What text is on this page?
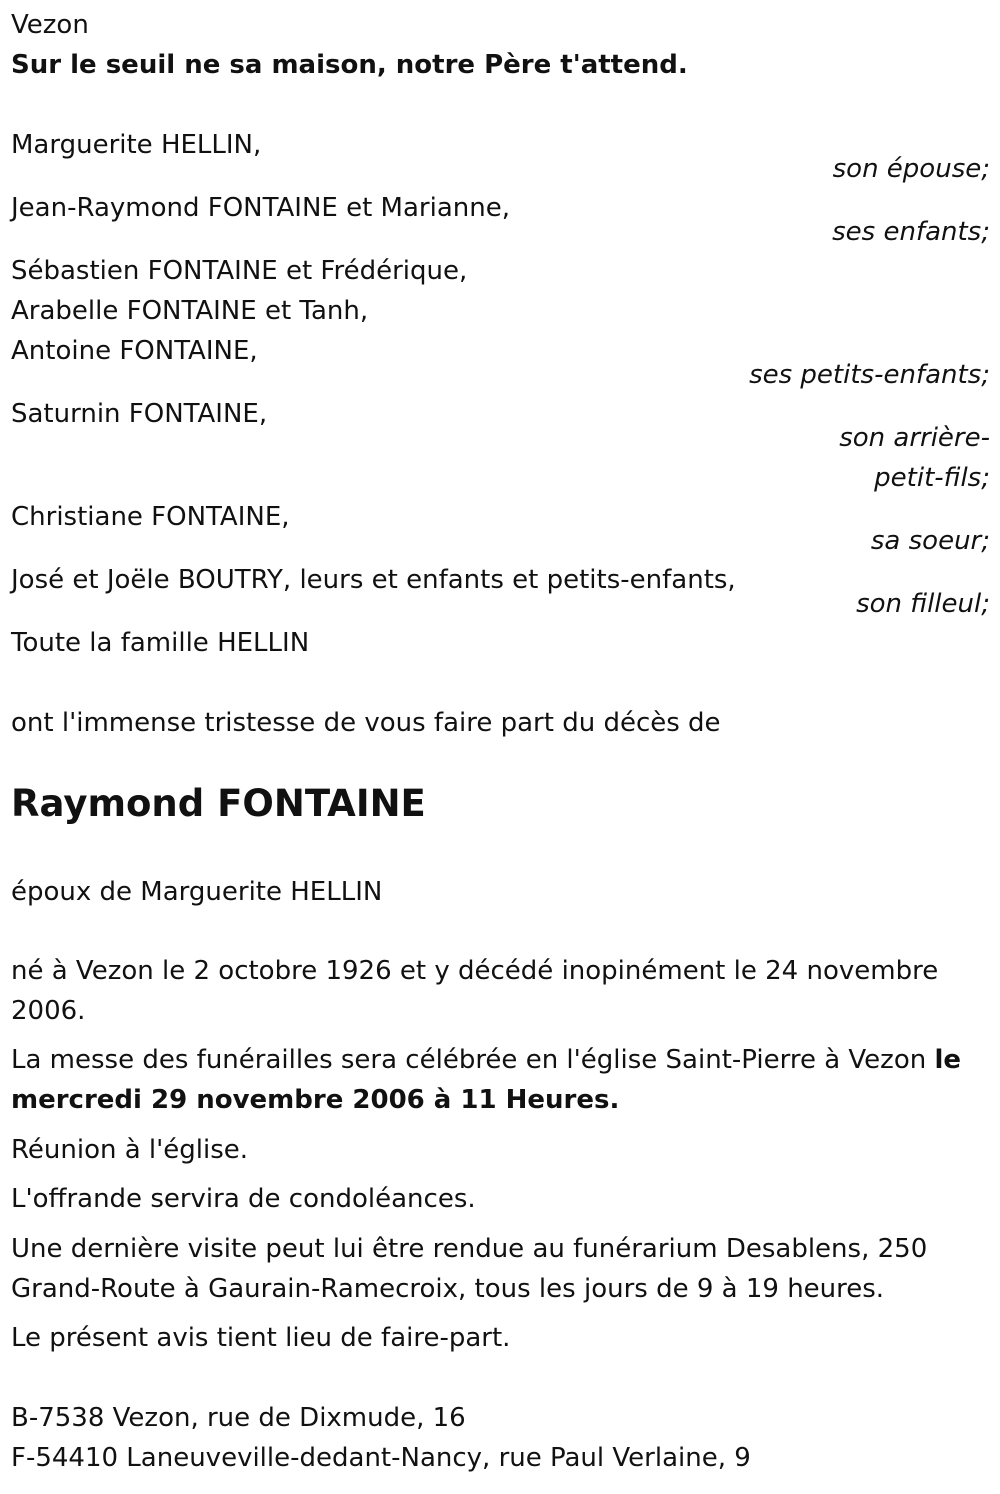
Vezon
Sur le seuil ne sa maison, notre Père t'attend.
Marguerite HELLIN,
son épouse;
Jean-Raymond FONTAINE et Marianne,
ses enfants;
Sébastien FONTAINE et Frédérique,
Arabelle FONTAINE et Tanh,
Antoine FONTAINE,
ses petits-enfants;
Saturnin FONTAINE,
son arrière-
petit-fils;
Christiane FONTAINE,
sa soeur;
José et Joële BOUTRY, leurs et enfants et petits-enfants,
son filleul;
Toute la famille HELLIN
ont l'immense tristesse de vous faire part du décès de
Raymond FONTAINE
époux de Marguerite HELLIN
né à Vezon le 2 octobre 1926 et y décédé inopinément le 24 novembre 2006.
La messe des funérailles sera célébrée en l'église Saint-Pierre à Vezon le mercredi 29 novembre 2006 à 11 Heures.
Réunion à l'église.
L'offrande servira de condoléances.
Une dernière visite peut lui être rendue au funérarium Desablens, 250 Grand-Route à Gaurain-Ramecroix, tous les jours de 9 à 19 heures.
Le présent avis tient lieu de faire-part.
B-7538 Vezon, rue de Dixmude, 16
F-54410 Laneuveville-dedant-Nancy, rue Paul Verlaine, 9
